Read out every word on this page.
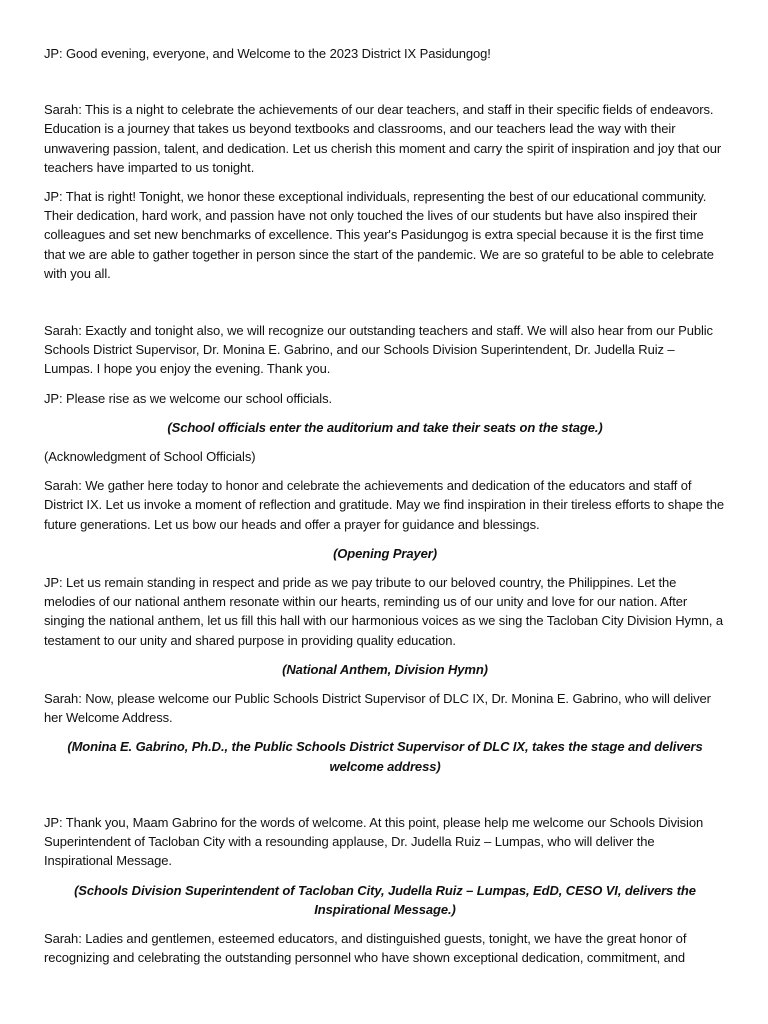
JP: Good evening, everyone, and Welcome to the 2023 District IX Pasidungog!

Sarah: This is a night to celebrate the achievements of our dear teachers, and staff in their specific fields of endeavors. Education is a journey that takes us beyond textbooks and classrooms, and our teachers lead the way with their unwavering passion, talent, and dedication. Let us cherish this moment and carry the spirit of inspiration and joy that our teachers have imparted to us tonight.

JP: That is right! Tonight, we honor these exceptional individuals, representing the best of our educational community. Their dedication, hard work, and passion have not only touched the lives of our students but have also inspired their colleagues and set new benchmarks of excellence. This year's Pasidungog is extra special because it is the first time that we are able to gather together in person since the start of the pandemic. We are so grateful to be able to celebrate with you all.

Sarah: Exactly and tonight also, we will recognize our outstanding teachers and staff. We will also hear from our Public Schools District Supervisor, Dr. Monina E. Gabrino, and our Schools Division Superintendent, Dr. Judella Ruiz – Lumpas. I hope you enjoy the evening. Thank you.

JP: Please rise as we welcome our school officials.

(School officials enter the auditorium and take their seats on the stage.)

(Acknowledgment of School Officials)

Sarah: We gather here today to honor and celebrate the achievements and dedication of the educators and staff of District IX. Let us invoke a moment of reflection and gratitude. May we find inspiration in their tireless efforts to shape the future generations. Let us bow our heads and offer a prayer for guidance and blessings.

(Opening Prayer)

JP: Let us remain standing in respect and pride as we pay tribute to our beloved country, the Philippines. Let the melodies of our national anthem resonate within our hearts, reminding us of our unity and love for our nation. After singing the national anthem, let us fill this hall with our harmonious voices as we sing the Tacloban City Division Hymn, a testament to our unity and shared purpose in providing quality education.

(National Anthem, Division Hymn)

Sarah: Now, please welcome our Public Schools District Supervisor of DLC IX, Dr. Monina E. Gabrino, who will deliver her Welcome Address.

(Monina E. Gabrino, Ph.D., the Public Schools District Supervisor of DLC IX, takes the stage and delivers welcome address)

JP: Thank you, Maam Gabrino for the words of welcome. At this point, please help me welcome our Schools Division Superintendent of Tacloban City with a resounding applause, Dr. Judella Ruiz – Lumpas, who will deliver the Inspirational Message.

(Schools Division Superintendent of Tacloban City, Judella Ruiz – Lumpas, EdD, CESO VI, delivers the Inspirational Message.)

Sarah: Ladies and gentlemen, esteemed educators, and distinguished guests, tonight, we have the great honor of recognizing and celebrating the outstanding personnel who have shown exceptional dedication, commitment, and
